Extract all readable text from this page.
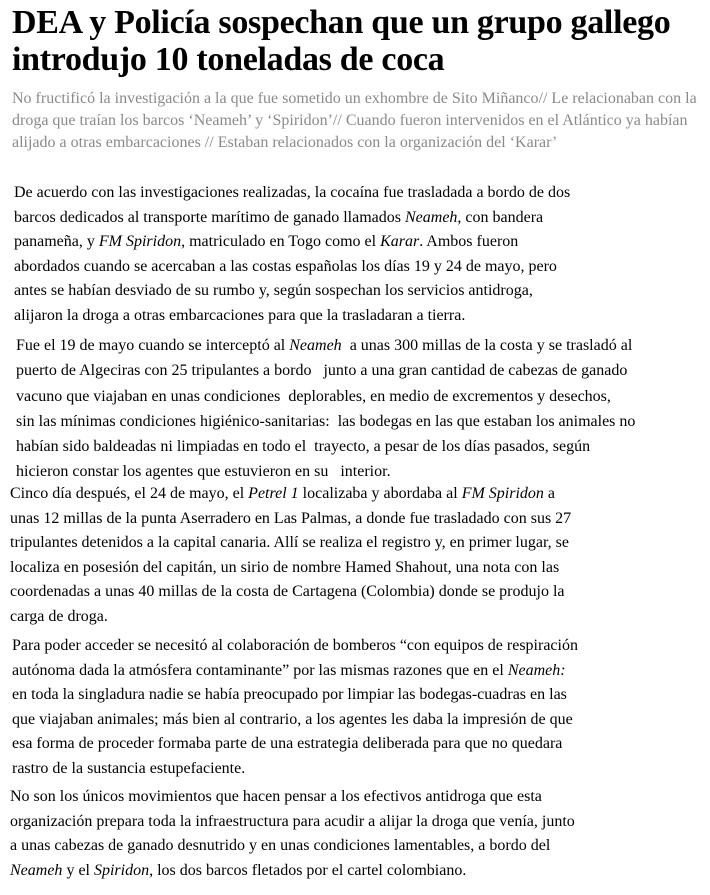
DEA y Policía sospechan que un grupo gallego introdujo 10 toneladas de coca

No fructificó la investigación a la que fue sometido un exhombre de Sito Miñanco// Le relacionaban con la droga que traían los barcos ‘Neameh’ y ‘Spiridon’// Cuando fueron intervenidos en el Atlántico ya habían alijado a otras embarcaciones // Estaban relacionados con la organización del ‘Karar’

De acuerdo con las investigaciones realizadas, la cocaína fue trasladada a bordo de dos
barcos dedicados al transporte marítimo de ganado llamados Neameh, con bandera
panameña, y FM Spiridon, matriculado en Togo como el Karar. Ambos fueron
abordados cuando se acercaban a las costas españolas los días 19 y 24 de mayo, pero
antes se habían desviado de su rumbo y, según sospechan los servicios antidroga,
alijaron la droga a otras embarcaciones para que la trasladaran a tierra.

Fue el 19 de mayo cuando se interceptó al Neameh  a unas 300 millas de la costa y se trasladó al
puerto de Algeciras con 25 tripulantes a bordo   junto a una gran cantidad de cabezas de ganado
vacuno que viajaban en unas condiciones  deplorables, en medio de excrementos y desechos,
sin las mínimas condiciones higiénico-sanitarias:  las bodegas en las que estaban los animales no
habían sido baldeadas ni limpiadas en todo el  trayecto, a pesar de los días pasados, según
hicieron constar los agentes que estuvieron en su   interior.

Cinco día después, el 24 de mayo, el Petrel 1 localizaba y abordaba al FM Spiridon a
unas 12 millas de la punta Aserradero en Las Palmas, a donde fue trasladado con sus 27
tripulantes detenidos a la capital canaria. Allí se realiza el registro y, en primer lugar, se
localiza en posesión del capitán, un sirio de nombre Hamed Shahout, una nota con las
coordenadas a unas 40 millas de la costa de Cartagena (Colombia) donde se produjo la
carga de droga.

Para poder acceder se necesitó al colaboración de bomberos “con equipos de respiración
autónoma dada la atmósfera contaminante” por las mismas razones que en el Neameh:
en toda la singladura nadie se había preocupado por limpiar las bodegas-cuadras en las
que viajaban animales; más bien al contrario, a los agentes les daba la impresión de que
esa forma de proceder formaba parte de una estrategia deliberada para que no quedara
rastro de la sustancia estupefaciente.

No son los únicos movimientos que hacen pensar a los efectivos antidroga que esta
organización prepara toda la infraestructura para acudir a alijar la droga que venía, junto
a unas cabezas de ganado desnutrido y en unas condiciones lamentables, a bordo del
Neameh y el Spiridon, los dos barcos fletados por el cartel colombiano.
